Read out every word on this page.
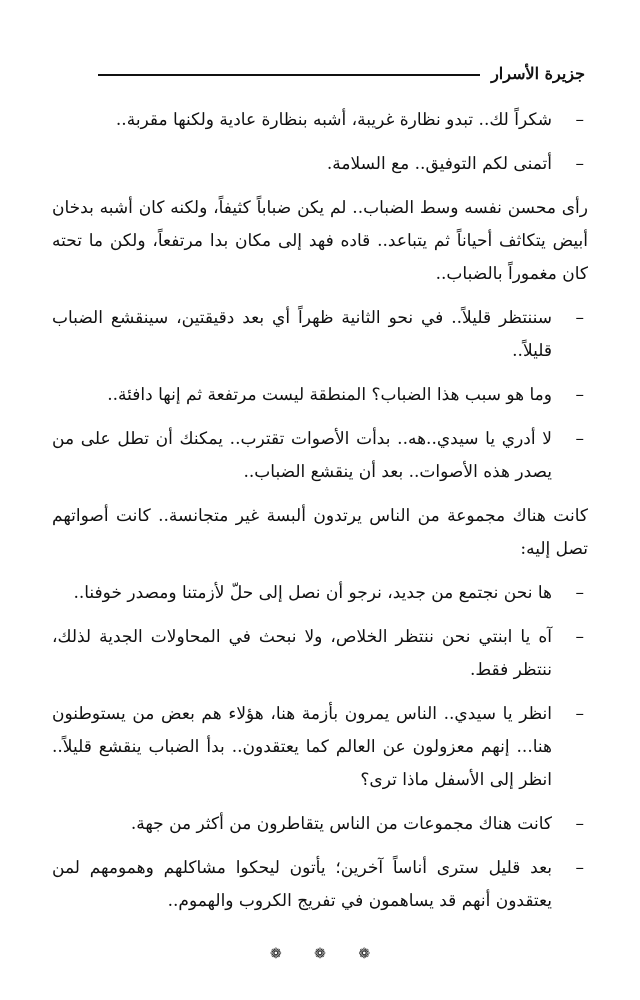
جزيرة الأسرار

–
شكراً لك.. تبدو نظارة غريبة، أشبه بنظارة عادية ولكنها مقربة..

–
أتمنى لكم التوفيق.. مع السلامة.

رأى محسن نفسه وسط الضباب.. لم يكن ضباباً كثيفاً، ولكنه كان أشبه بدخان أبيض يتكاثف أحياناً ثم يتباعد.. قاده فهد إلى مكان بدا مرتفعاً، ولكن ما تحته كان مغموراً بالضباب..

–
سننتظر قليلاً.. في نحو الثانية ظهراً أي بعد دقيقتين، سينقشع الضباب قليلاً..

–
وما هو سبب هذا الضباب؟ المنطقة ليست مرتفعة ثم إنها دافئة..

–
لا أدري يا سيدي..هه.. بدأت الأصوات تقترب.. يمكنك أن تطل على من يصدر هذه الأصوات.. بعد أن ينقشع الضباب..

كانت هناك مجموعة من الناس يرتدون ألبسة غير متجانسة.. كانت أصواتهم تصل إليه:

–
ها نحن نجتمع من جديد، نرجو أن نصل إلى حلّ لأزمتنا ومصدر خوفنا..

–
آه يا ابنتي نحن ننتظر الخلاص، ولا نبحث في المحاولات الجدية لذلك، ننتظر فقط.

–
انظر يا سيدي.. الناس يمرون بأزمة هنا، هؤلاء هم بعض من يستوطنون هنا... إنهم معزولون عن العالم كما يعتقدون.. بدأ الضباب ينقشع قليلاً.. انظر إلى الأسفل ماذا ترى؟

–
كانت هناك مجموعات من الناس يتقاطرون من أكثر من جهة.

–
بعد قليل سترى أناساً آخرين؛ يأتون ليحكوا مشاكلهم وهمومهم لمن يعتقدون أنهم قد يساهمون في تفريج الكروب والهموم..

❁ ❁ ❁
